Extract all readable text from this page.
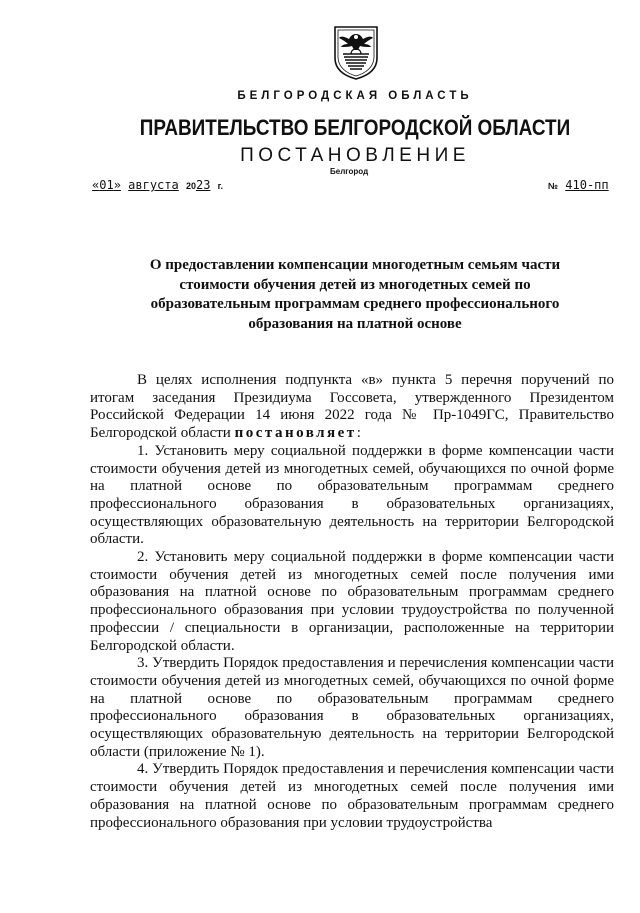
БЕЛГОРОДСКАЯ ОБЛАСТЬ
ПРАВИТЕЛЬСТВО БЕЛГОРОДСКОЙ ОБЛАСТИ
ПОСТАНОВЛЕНИЕ
Белгород
«01» августа 2023 г.	№ 410-пп
О предоставлении компенсации многодетным семьям части стоимости обучения детей из многодетных семей по образовательным программам среднего профессионального образования на платной основе

В целях исполнения подпункта «в» пункта 5 перечня поручений по итогам заседания Президиума Госсовета, утвержденного Президентом Российской Федерации 14 июня 2022 года № Пр-1049ГС, Правительство Белгородской области постановляет:

1. Установить меру социальной поддержки в форме компенсации части стоимости обучения детей из многодетных семей, обучающихся по очной форме на платной основе по образовательным программам среднего профессионального образования в образовательных организациях, осуществляющих образовательную деятельность на территории Белгородской области.

2. Установить меру социальной поддержки в форме компенсации части стоимости обучения детей из многодетных семей после получения ими образования на платной основе по образовательным программам среднего профессионального образования при условии трудоустройства по полученной профессии / специальности в организации, расположенные на территории Белгородской области.

3. Утвердить Порядок предоставления и перечисления компенсации части стоимости обучения детей из многодетных семей, обучающихся по очной форме на платной основе по образовательным программам среднего профессионального образования в образовательных организациях, осуществляющих образовательную деятельность на территории Белгородской области (приложение № 1).

4. Утвердить Порядок предоставления и перечисления компенсации части стоимости обучения детей из многодетных семей после получения ими образования на платной основе по образовательным программам среднего профессионального образования при условии трудоустройства
